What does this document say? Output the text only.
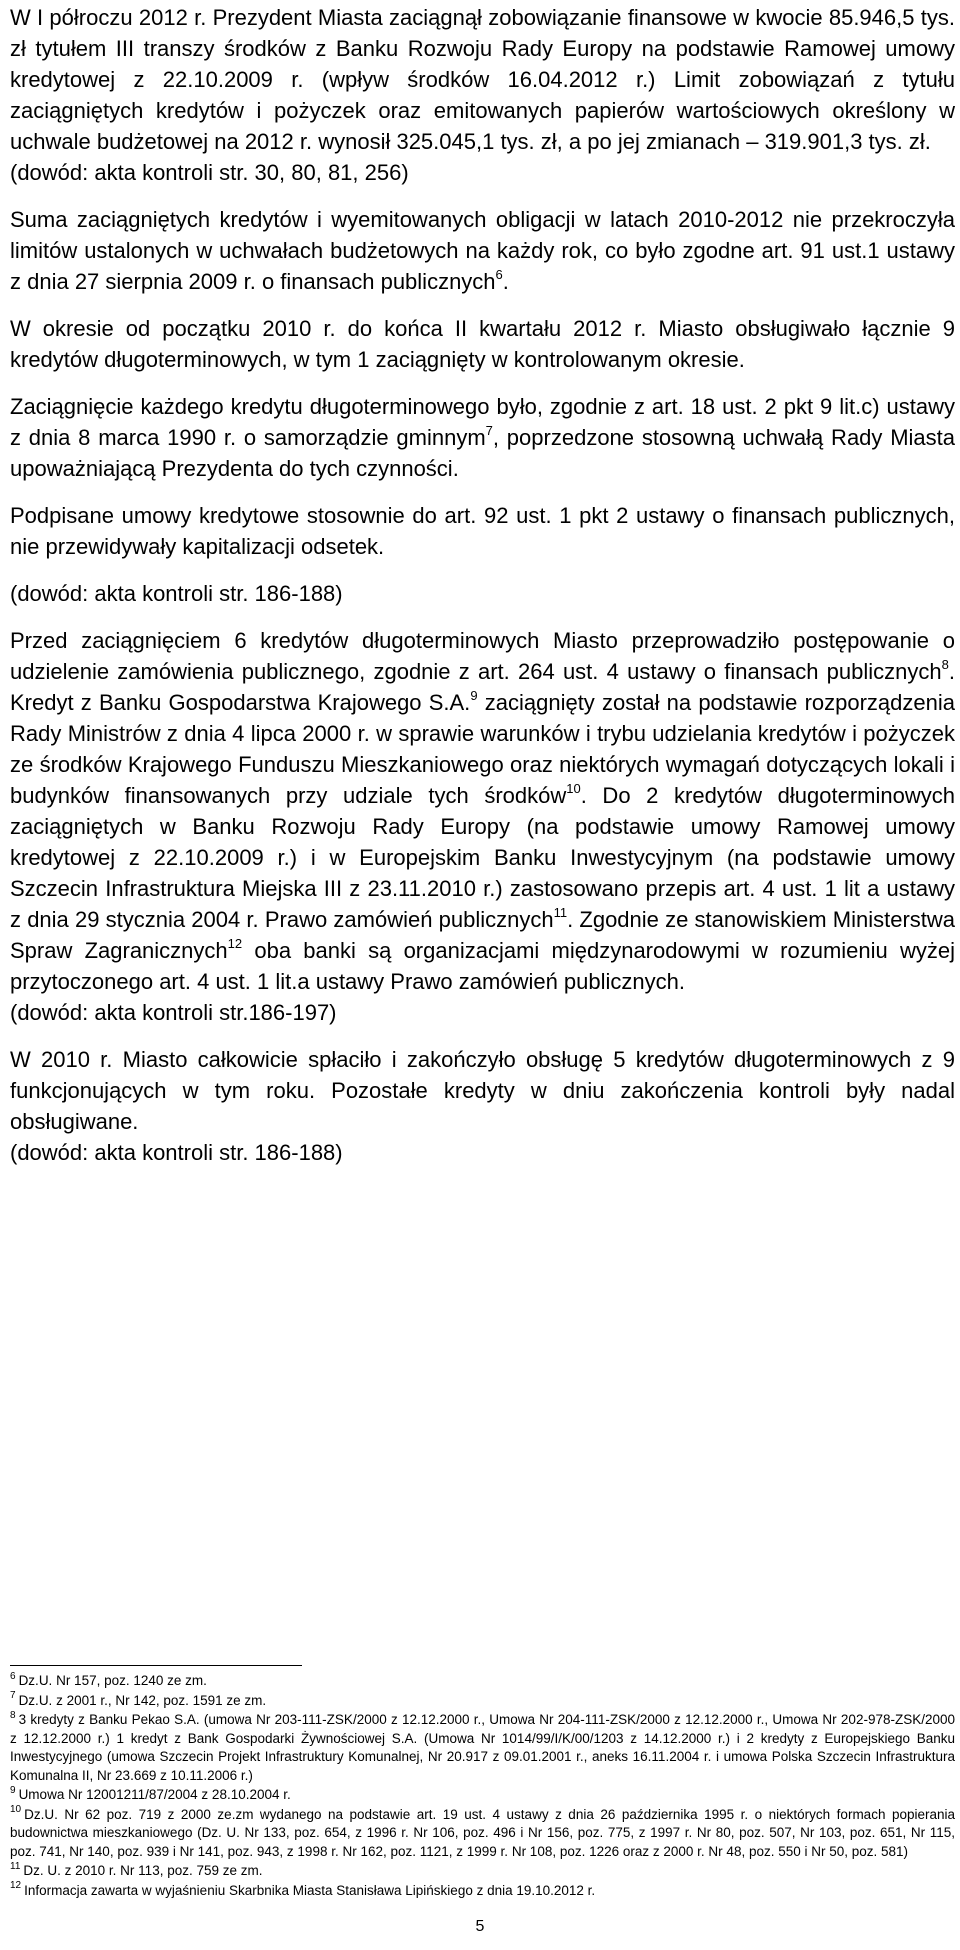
W I półroczu 2012 r. Prezydent Miasta zaciągnął zobowiązanie finansowe w kwocie 85.946,5 tys. zł tytułem III transzy środków z Banku Rozwoju Rady Europy na podstawie Ramowej umowy kredytowej z 22.10.2009 r. (wpływ środków 16.04.2012 r.) Limit zobowiązań z tytułu zaciągniętych kredytów i pożyczek oraz emitowanych papierów wartościowych określony w uchwale budżetowej na 2012 r. wynosił 325.045,1 tys. zł, a po jej zmianach – 319.901,3 tys. zł.

(dowód: akta kontroli str. 30, 80, 81, 256)

Suma zaciągniętych kredytów i wyemitowanych obligacji w latach 2010-2012 nie przekroczyła limitów ustalonych w uchwałach budżetowych na każdy rok, co było zgodne art. 91 ust.1 ustawy z dnia 27 sierpnia 2009 r. o finansach publicznych$^6$.

W okresie od początku 2010 r. do końca II kwartału 2012 r. Miasto obsługiwało łącznie 9 kredytów długoterminowych, w tym 1 zaciągnięty w kontrolowanym okresie.

Zaciągnięcie każdego kredytu długoterminowego było, zgodnie z art. 18 ust. 2 pkt 9 lit.c) ustawy z dnia 8 marca 1990 r. o samorządzie gminnym$^7$, poprzedzone stosowną uchwałą Rady Miasta upoważniającą Prezydenta do tych czynności.

Podpisane umowy kredytowe stosownie do art. 92 ust. 1 pkt 2 ustawy o finansach publicznych, nie przewidywały kapitalizacji odsetek.

(dowód: akta kontroli str. 186-188)

Przed zaciągnięciem 6 kredytów długoterminowych Miasto przeprowadziło postępowanie o udzielenie zamówienia publicznego, zgodnie z art. 264 ust. 4 ustawy o finansach publicznych$^8$. Kredyt z Banku Gospodarstwa Krajowego S.A.$^9$ zaciągnięty został na podstawie rozporządzenia Rady Ministrów z dnia 4 lipca 2000 r. w sprawie warunków i trybu udzielania kredytów i pożyczek ze środków Krajowego Funduszu Mieszkaniowego oraz niektórych wymagań dotyczących lokali i budynków finansowanych przy udziale tych środków$^{10}$. Do 2 kredytów długoterminowych zaciągniętych w Banku Rozwoju Rady Europy (na podstawie umowy Ramowej umowy kredytowej z 22.10.2009 r.) i w Europejskim Banku Inwestycyjnym (na podstawie umowy Szczecin Infrastruktura Miejska III z 23.11.2010 r.) zastosowano przepis art. 4 ust. 1 lit a ustawy z dnia 29 stycznia 2004 r. Prawo zamówień publicznych$^{11}$. Zgodnie ze stanowiskiem Ministerstwa Spraw Zagranicznych$^{12}$ oba banki są organizacjami międzynarodowymi w rozumieniu wyżej przytoczonego art. 4 ust. 1 lit.a ustawy Prawo zamówień publicznych.

(dowód: akta kontroli str.186-197)

W 2010 r. Miasto całkowicie spłaciło i zakończyło obsługę 5 kredytów długoterminowych z 9 funkcjonujących w tym roku. Pozostałe kredyty w dniu zakończenia kontroli były nadal obsługiwane.

(dowód: akta kontroli str. 186-188)

$^6$ Dz.U. Nr 157, poz. 1240 ze zm.

$^7$ Dz.U. z 2001 r., Nr 142, poz. 1591 ze zm.

$^8$ 3 kredyty z Banku Pekao S.A. (umowa Nr 203-111-ZSK/2000 z 12.12.2000 r., Umowa Nr 204-111-ZSK/2000 z 12.12.2000 r., Umowa Nr 202-978-ZSK/2000 z 12.12.2000 r.) 1 kredyt z Bank Gospodarki Żywnościowej S.A. (Umowa Nr 1014/99/I/K/00/1203 z 14.12.2000 r.) i 2 kredyty z Europejskiego Banku Inwestycyjnego (umowa Szczecin Projekt Infrastruktury Komunalnej, Nr 20.917 z 09.01.2001 r., aneks 16.11.2004 r. i umowa Polska Szczecin Infrastruktura Komunalna II, Nr 23.669 z 10.11.2006 r.)

$^9$ Umowa Nr 12001211/87/2004 z 28.10.2004 r.

$^{10}$ Dz.U. Nr 62 poz. 719 z 2000 ze.zm wydanego na podstawie art. 19 ust. 4 ustawy z dnia 26 października 1995 r. o niektórych formach popierania budownictwa mieszkaniowego (Dz. U. Nr 133, poz. 654, z 1996 r. Nr 106, poz. 496 i Nr 156, poz. 775, z 1997 r. Nr 80, poz. 507, Nr 103, poz. 651, Nr 115, poz. 741, Nr 140, poz. 939 i Nr 141, poz. 943, z 1998 r. Nr 162, poz. 1121, z 1999 r. Nr 108, poz. 1226 oraz z 2000 r. Nr 48, poz. 550 i Nr 50, poz. 581)

$^{11}$ Dz. U. z 2010 r. Nr 113, poz. 759 ze zm.

$^{12}$ Informacja zawarta w wyjaśnieniu Skarbnika Miasta Stanisława Lipińskiego z dnia 19.10.2012 r.

5
